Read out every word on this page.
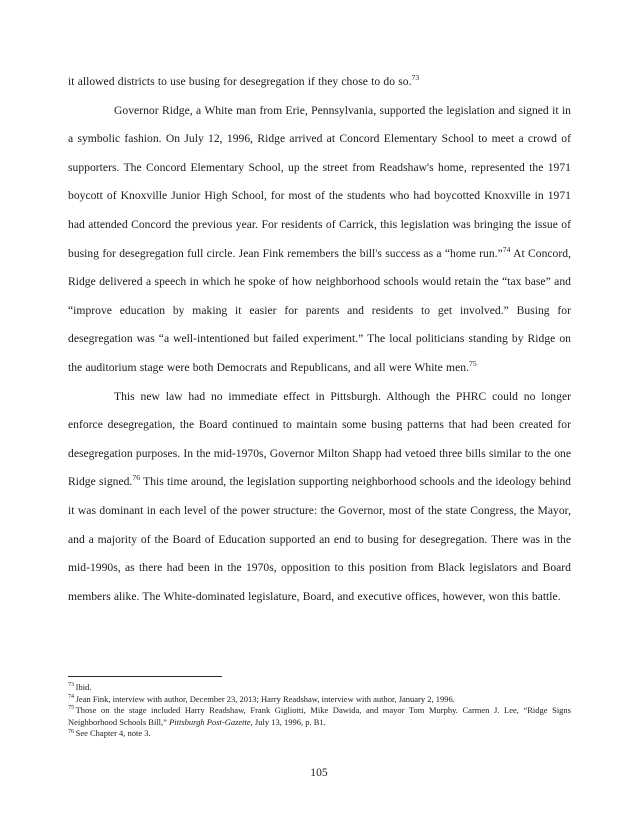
it allowed districts to use busing for desegregation if they chose to do so.$^{73}$

Governor Ridge, a White man from Erie, Pennsylvania, supported the legislation and signed it in a symbolic fashion. On July 12, 1996, Ridge arrived at Concord Elementary School to meet a crowd of supporters. The Concord Elementary School, up the street from Readshaw's home, represented the 1971 boycott of Knoxville Junior High School, for most of the students who had boycotted Knoxville in 1971 had attended Concord the previous year. For residents of Carrick, this legislation was bringing the issue of busing for desegregation full circle. Jean Fink remembers the bill's success as a “home run.”$^{74}$ At Concord, Ridge delivered a speech in which he spoke of how neighborhood schools would retain the “tax base” and “improve education by making it easier for parents and residents to get involved.” Busing for desegregation was “a well-intentioned but failed experiment.” The local politicians standing by Ridge on the auditorium stage were both Democrats and Republicans, and all were White men.$^{75}$

This new law had no immediate effect in Pittsburgh. Although the PHRC could no longer enforce desegregation, the Board continued to maintain some busing patterns that had been created for desegregation purposes. In the mid-1970s, Governor Milton Shapp had vetoed three bills similar to the one Ridge signed.$^{76}$ This time around, the legislation supporting neighborhood schools and the ideology behind it was dominant in each level of the power structure: the Governor, most of the state Congress, the Mayor, and a majority of the Board of Education supported an end to busing for desegregation. There was in the mid-1990s, as there had been in the 1970s, opposition to this position from Black legislators and Board members alike. The White-dominated legislature, Board, and executive offices, however, won this battle.

$^{73}$ Ibid.

$^{74}$ Jean Fink, interview with author, December 23, 2013; Harry Readshaw, interview with author, January 2, 1996.

$^{75}$ Those on the stage included Harry Readshaw, Frank Gigliotti, Mike Dawida, and mayor Tom Murphy. Carmen J. Lee, “Ridge Signs Neighborhood Schools Bill,” Pittsburgh Post-Gazette, July 13, 1996, p. B1.

$^{76}$ See Chapter 4, note 3.

105
